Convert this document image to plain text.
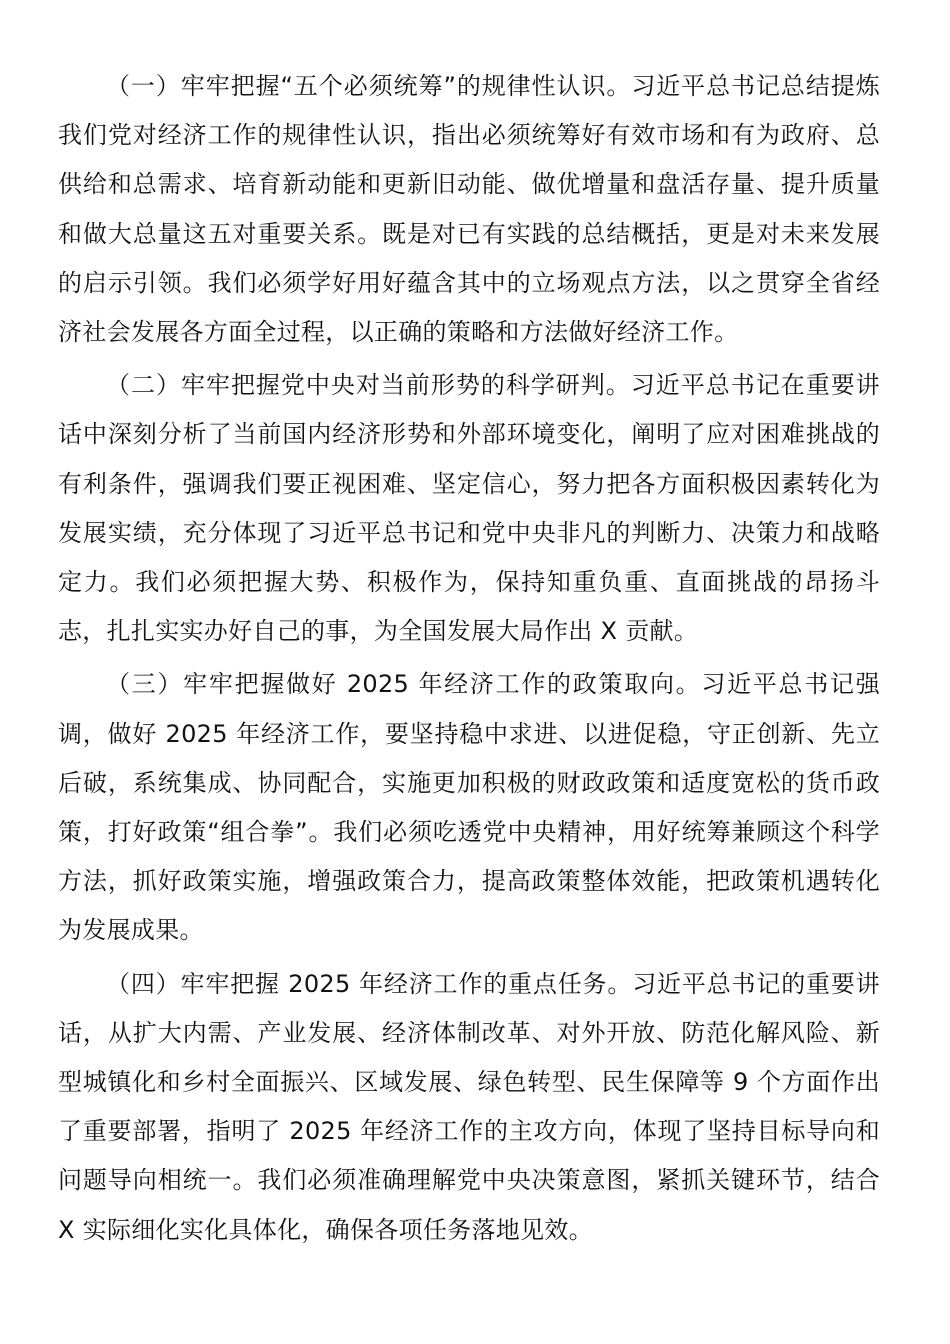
（一）牢牢把握“五个必须统筹”的规律性认识。习近平总书记总结提炼我们党对经济工作的规律性认识，指出必须统筹好有效市场和有为政府、总供给和总需求、培育新动能和更新旧动能、做优增量和盘活存量、提升质量和做大总量这五对重要关系。既是对已有实践的总结概括，更是对未来发展的启示引领。我们必须学好用好蕴含其中的立场观点方法，以之贯穿全省经济社会发展各方面全过程，以正确的策略和方法做好经济工作。

（二）牢牢把握党中央对当前形势的科学研判。习近平总书记在重要讲话中深刻分析了当前国内经济形势和外部环境变化，阐明了应对困难挑战的有利条件，强调我们要正视困难、坚定信心，努力把各方面积极因素转化为发展实绩，充分体现了习近平总书记和党中央非凡的判断力、决策力和战略定力。我们必须把握大势、积极作为，保持知重负重、直面挑战的昂扬斗志，扎扎实实办好自己的事，为全国发展大局作出 X 贡献。

（三）牢牢把握做好 2025 年经济工作的政策取向。习近平总书记强调，做好 2025 年经济工作，要坚持稳中求进、以进促稳，守正创新、先立后破，系统集成、协同配合，实施更加积极的财政政策和适度宽松的货币政策，打好政策“组合拳”。我们必须吃透党中央精神，用好统筹兼顾这个科学方法，抓好政策实施，增强政策合力，提高政策整体效能，把政策机遇转化为发展成果。

（四）牢牢把握 2025 年经济工作的重点任务。习近平总书记的重要讲话，从扩大内需、产业发展、经济体制改革、对外开放、防范化解风险、新型城镇化和乡村全面振兴、区域发展、绿色转型、民生保障等 9 个方面作出了重要部署，指明了 2025 年经济工作的主攻方向，体现了坚持目标导向和问题导向相统一。我们必须准确理解党中央决策意图，紧抓关键环节，结合 X 实际细化实化具体化，确保各项任务落地见效。
